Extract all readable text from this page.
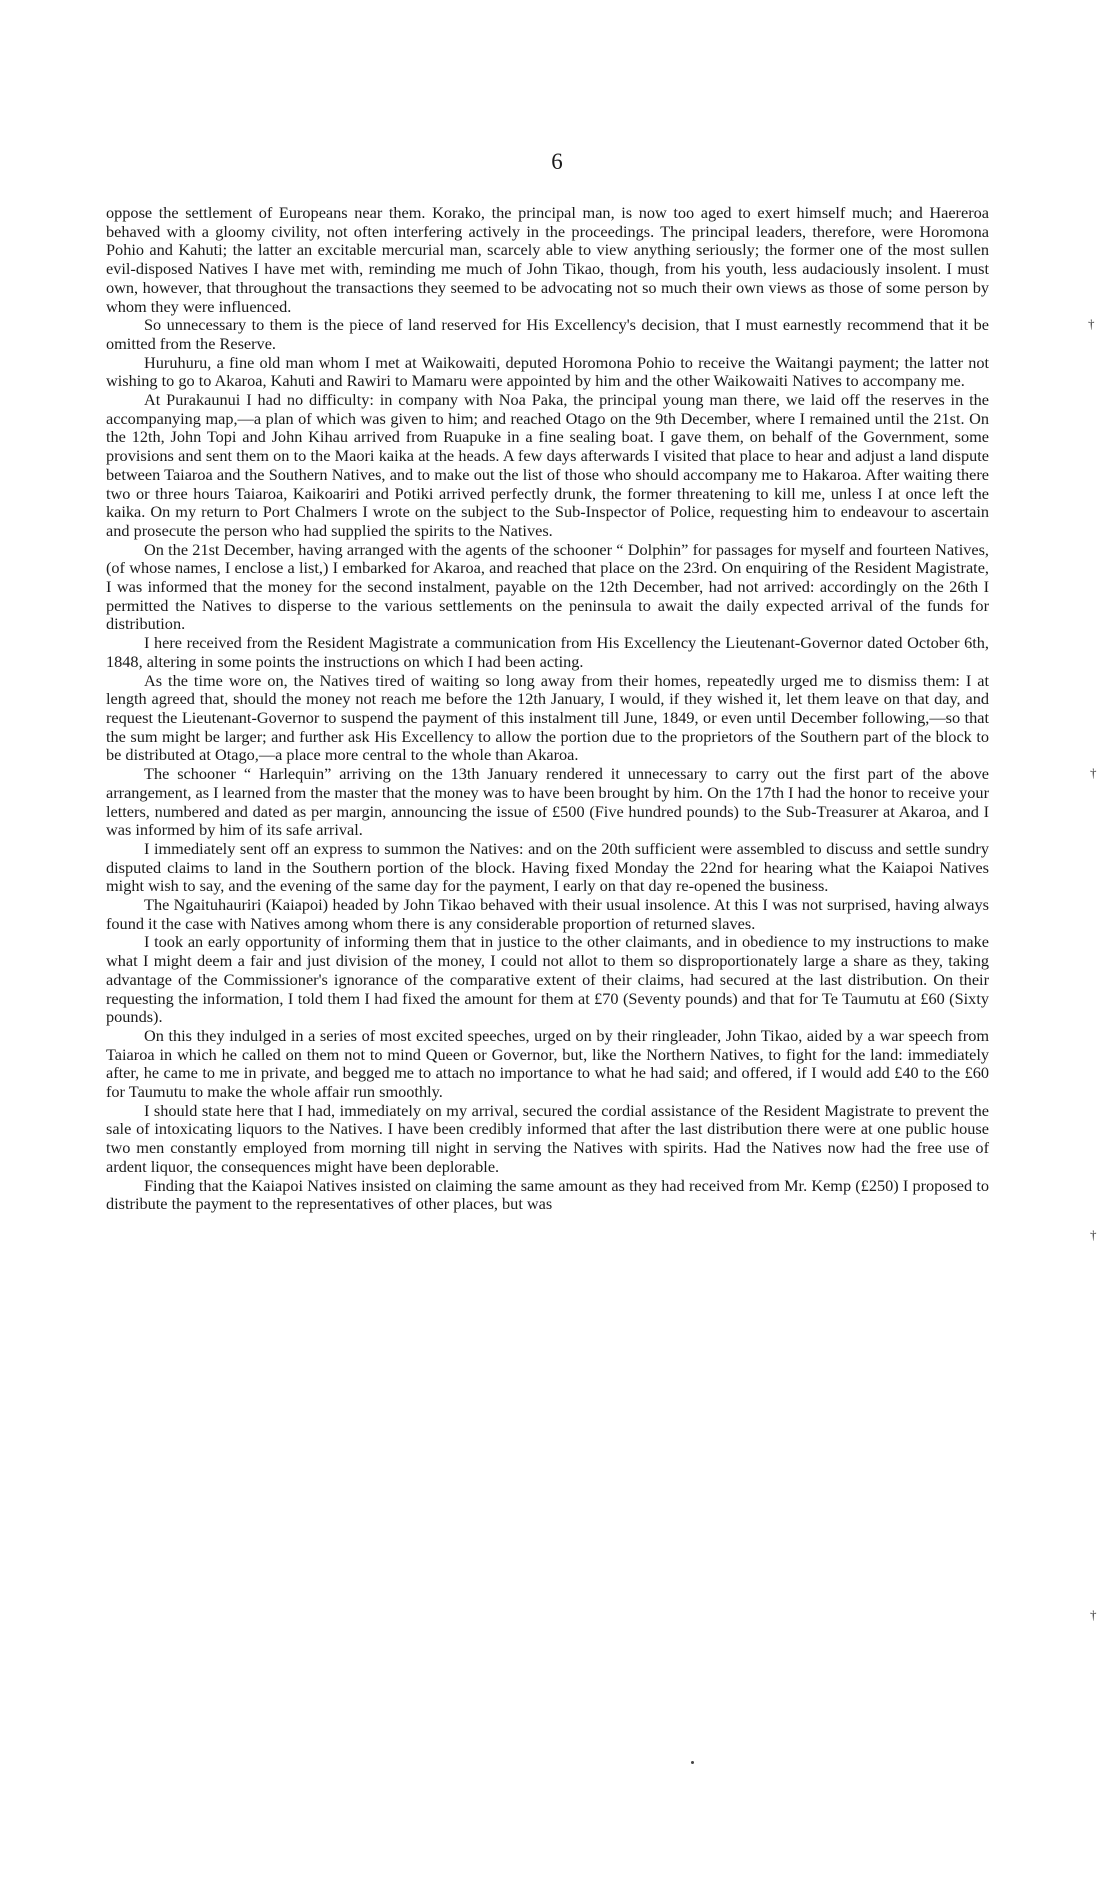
6

oppose the settlement of Europeans near them. Korako, the principal man, is now too aged to exert himself much; and Haereroa behaved with a gloomy civility, not often interfering actively in the proceedings. The principal leaders, therefore, were Horomona Pohio and Kahuti; the latter an excitable mercurial man, scarcely able to view anything seriously; the former one of the most sullen evil-disposed Natives I have met with, reminding me much of John Tikao, though, from his youth, less audaciously insolent. I must own, however, that throughout the transactions they seemed to be advocating not so much their own views as those of some person by whom they were influenced.

So unnecessary to them is the piece of land reserved for His Excellency's decision, that I must earnestly recommend that it be omitted from the Reserve.

Huruhuru, a fine old man whom I met at Waikowaiti, deputed Horomona Pohio to receive the Waitangi payment; the latter not wishing to go to Akaroa, Kahuti and Rawiri to Mamaru were appointed by him and the other Waikowaiti Natives to accompany me.

At Purakaunui I had no difficulty: in company with Noa Paka, the principal young man there, we laid off the reserves in the accompanying map,—a plan of which was given to him; and reached Otago on the 9th December, where I remained until the 21st. On the 12th, John Topi and John Kihau arrived from Ruapuke in a fine sealing boat. I gave them, on behalf of the Government, some provisions and sent them on to the Maori kaika at the heads. A few days afterwards I visited that place to hear and adjust a land dispute between Taiaroa and the Southern Natives, and to make out the list of those who should accompany me to Hakaroa. After waiting there two or three hours Taiaroa, Kaikoariri and Potiki arrived perfectly drunk, the former threatening to kill me, unless I at once left the kaika. On my return to Port Chalmers I wrote on the subject to the Sub-Inspector of Police, requesting him to endeavour to ascertain and prosecute the person who had supplied the spirits to the Natives.

On the 21st December, having arranged with the agents of the schooner “ Dolphin” for passages for myself and fourteen Natives, (of whose names, I enclose a list,) I embarked for Akaroa, and reached that place on the 23rd. On enquiring of the Resident Magistrate, I was informed that the money for the second instalment, payable on the 12th December, had not arrived: accordingly on the 26th I permitted the Natives to disperse to the various settlements on the peninsula to await the daily expected arrival of the funds for distribution.

I here received from the Resident Magistrate a communication from His Excellency the Lieutenant-Governor dated October 6th, 1848, altering in some points the instructions on which I had been acting.

As the time wore on, the Natives tired of waiting so long away from their homes, repeatedly urged me to dismiss them: I at length agreed that, should the money not reach me before the 12th January, I would, if they wished it, let them leave on that day, and request the Lieutenant-Governor to suspend the payment of this instalment till June, 1849, or even until December following,—so that the sum might be larger; and further ask His Excellency to allow the portion due to the proprietors of the Southern part of the block to be distributed at Otago,—a place more central to the whole than Akaroa.

The schooner “ Harlequin” arriving on the 13th January rendered it unnecessary to carry out the first part of the above arrangement, as I learned from the master that the money was to have been brought by him. On the 17th I had the honor to receive your letters, numbered and dated as per margin, announcing the issue of £500 (Five hundred pounds) to the Sub-Treasurer at Akaroa, and I was informed by him of its safe arrival.

I immediately sent off an express to summon the Natives: and on the 20th sufficient were assembled to discuss and settle sundry disputed claims to land in the Southern portion of the block. Having fixed Monday the 22nd for hearing what the Kaiapoi Natives might wish to say, and the evening of the same day for the payment, I early on that day re-opened the business.

The Ngaituhauriri (Kaiapoi) headed by John Tikao behaved with their usual insolence. At this I was not surprised, having always found it the case with Natives among whom there is any considerable proportion of returned slaves.

I took an early opportunity of informing them that in justice to the other claimants, and in obedience to my instructions to make what I might deem a fair and just division of the money, I could not allot to them so disproportionately large a share as they, taking advantage of the Commissioner's ignorance of the comparative extent of their claims, had secured at the last distribution. On their requesting the information, I told them I had fixed the amount for them at £70 (Seventy pounds) and that for Te Taumutu at £60 (Sixty pounds).

On this they indulged in a series of most excited speeches, urged on by their ringleader, John Tikao, aided by a war speech from Taiaroa in which he called on them not to mind Queen or Governor, but, like the Northern Natives, to fight for the land: immediately after, he came to me in private, and begged me to attach no importance to what he had said; and offered, if I would add £40 to the £60 for Taumutu to make the whole affair run smoothly.

I should state here that I had, immediately on my arrival, secured the cordial assistance of the Resident Magistrate to prevent the sale of intoxicating liquors to the Natives. I have been credibly informed that after the last distribution there were at one public house two men constantly employed from morning till night in serving the Natives with spirits. Had the Natives now had the free use of ardent liquor, the consequences might have been deplorable.

Finding that the Kaiapoi Natives insisted on claiming the same amount as they had received from Mr. Kemp (£250) I proposed to distribute the payment to the representatives of other places, but was

†
†
†
†
